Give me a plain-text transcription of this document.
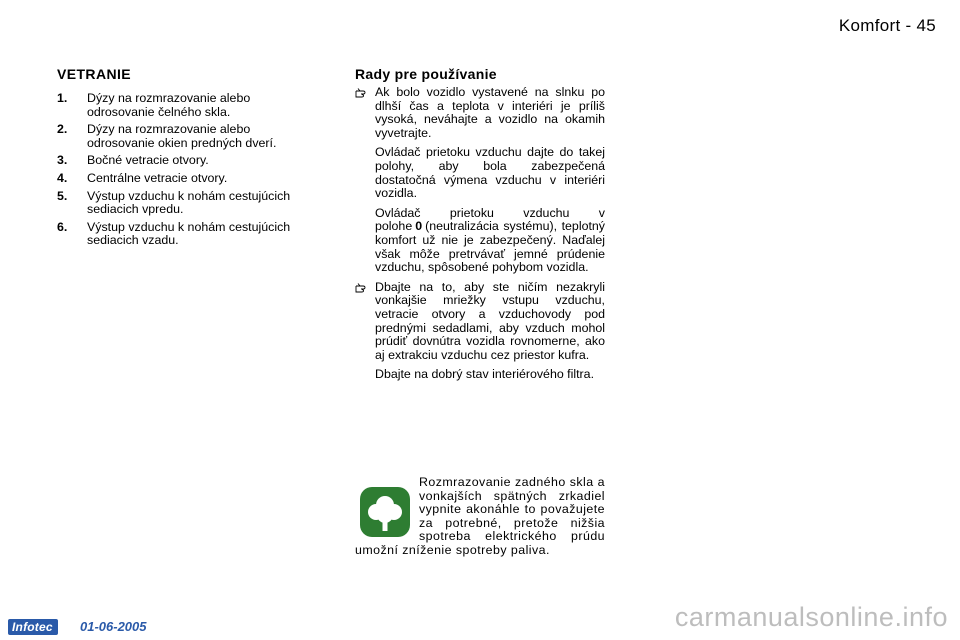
Komfort - 45
VETRANIE
1. Dýzy na rozmrazovanie alebo odrosovanie čelného skla.
2. Dýzy na rozmrazovanie alebo odrosovanie okien predných dverí.
3. Bočné vetracie otvory.
4. Centrálne vetracie otvory.
5. Výstup vzduchu k nohám cestujúcich sediacich vpredu.
6. Výstup vzduchu k nohám cestujúcich sediacich vzadu.
Rady pre používanie

Ak bolo vozidlo vystavené na slnku po dlhší čas a teplota v interiéri je príliš vysoká, neváhajte a vozidlo na okamih vyvetrajte.

Ovládač prietoku vzduchu dajte do takej polohy, aby bola zabezpečená dostatočná výmena vzduchu v interiéri vozidla.

Ovládač prietoku vzduchu v polohe 0 (neutralizácia systému), teplotný komfort už nie je zabezpečený. Naďalej však môže pretrvávať jemné prúdenie vzduchu, spôsobené pohybom vozidla.

Dbajte na to, aby ste ničím nezakryli vonkajšie mriežky vstupu vzduchu, vetracie otvory a vzduchovody pod prednými sedadlami, aby vzduch mohol prúdiť dovnútra vozidla rovnomerne, ako aj extrakciu vzduchu cez priestor kufra.

Dbajte na dobrý stav interiérového filtra.

Rozmrazovanie zadného skla a vonkajších spätných zrkadiel vypnite akonáhle to považujete za potrebné, pretože nižšia spotreba elektrického prúdu umožní zníženie spotreby paliva.
Infotec	01-06-2005	carmanualsonline.info
